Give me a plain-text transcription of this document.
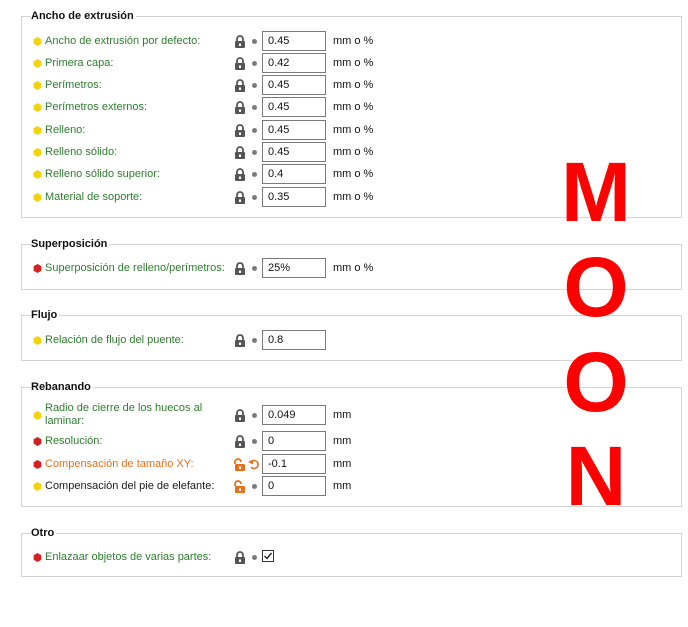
Ancho de extrusión
Superposición
Flujo
Rebanando
Otro
Ancho de extrusión por defecto:	0.45	mm o %
Primera capa:	0.42	mm o %
Perímetros:	0.45	mm o %
Perímetros externos:	0.45	mm o %
Relleno:	0.45	mm o %
Relleno sólido:	0.45	mm o %
Relleno sólido superior:	0.4	mm o %
Material de soporte:	0.35	mm o %
Superposición de relleno/perímetros:	25%	mm o %
Relación de flujo del puente:	0.8
Radio de cierre de los huecos al laminar:	0.049	mm
Resolución:	0	mm
Compensación de tamaño XY:	-0.1	mm
Compensación del pie de elefante:	0	mm
Enlazaar objetos de varias partes:
M
O
O
N
